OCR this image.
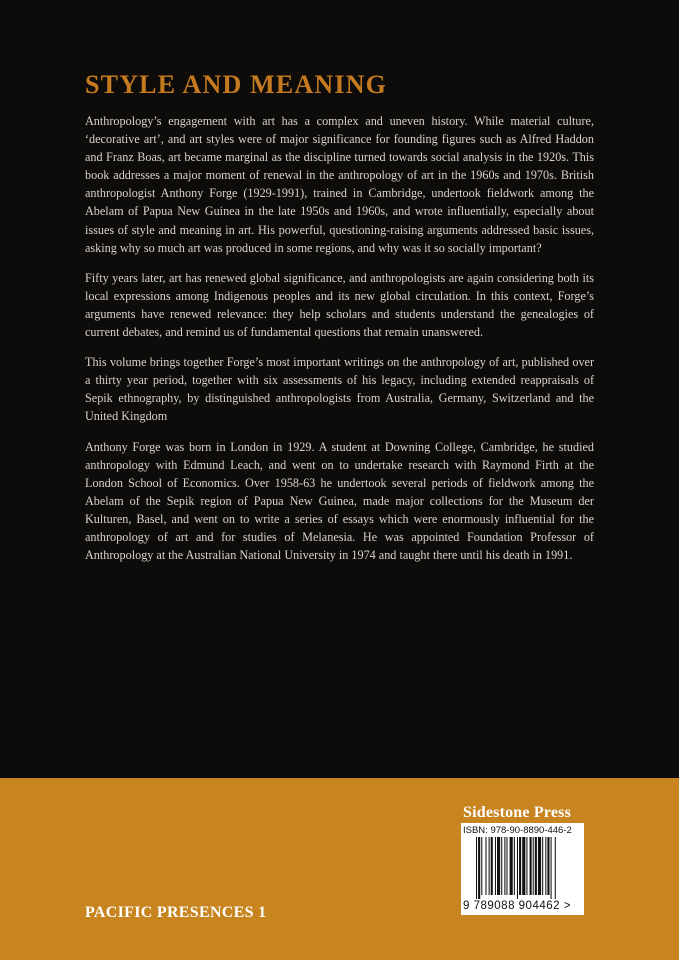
STYLE AND MEANING

Anthropology’s engagement with art has a complex and uneven history. While material culture, ‘decorative art’, and art styles were of major significance for founding figures such as Alfred Haddon and Franz Boas, art became marginal as the discipline turned towards social analysis in the 1920s. This book addresses a major moment of renewal in the anthropology of art in the 1960s and 1970s. British anthropologist Anthony Forge (1929-1991), trained in Cambridge, undertook fieldwork among the Abelam of Papua New Guinea in the late 1950s and 1960s, and wrote influentially, especially about issues of style and meaning in art. His powerful, questioning-raising arguments addressed basic issues, asking why so much art was produced in some regions, and why was it so socially important?

Fifty years later, art has renewed global significance, and anthropologists are again considering both its local expressions among Indigenous peoples and its new global circulation. In this context, Forge’s arguments have renewed relevance: they help scholars and students understand the genealogies of current debates, and remind us of fundamental questions that remain unanswered.

This volume brings together Forge’s most important writings on the anthropology of art, published over a thirty year period, together with six assessments of his legacy, including extended reappraisals of Sepik ethnography, by distinguished anthropologists from Australia, Germany, Switzerland and the United Kingdom

Anthony Forge was born in London in 1929. A student at Downing College, Cambridge, he studied anthropology with Edmund Leach, and went on to undertake research with Raymond Firth at the London School of Economics. Over 1958-63 he undertook several periods of fieldwork among the Abelam of the Sepik region of Papua New Guinea, made major collections for the Museum der Kulturen, Basel, and went on to write a series of essays which were enormously influential for the anthropology of art and for studies of Melanesia. He was appointed Foundation Professor of Anthropology at the Australian National University in 1974 and taught there until his death in 1991.

PACIFIC PRESENCES 1
Sidestone Press
ISBN: 978-90-8890-446-2
9 789088 904462 >
